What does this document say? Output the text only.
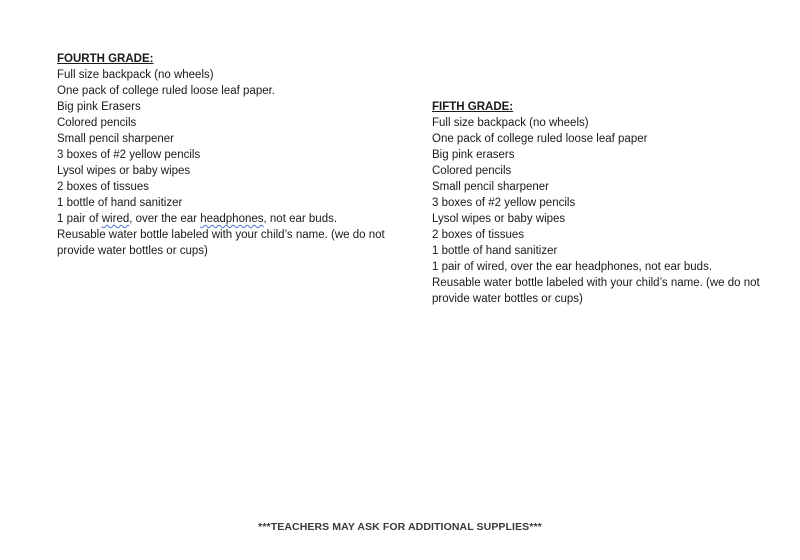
FOURTH GRADE:
Full size backpack (no wheels)
One pack of college ruled loose leaf paper.
Big pink Erasers
Colored pencils
Small pencil sharpener
3 boxes of #2 yellow pencils
Lysol wipes or baby wipes
2 boxes of tissues
1 bottle of hand sanitizer
1 pair of wired, over the ear headphones, not ear buds.
Reusable water bottle labeled with your child’s name. (we do not provide water bottles or cups)
FIFTH GRADE:
Full size backpack (no wheels)
One pack of college ruled loose leaf paper
Big pink erasers
Colored pencils
Small pencil sharpener
3 boxes of #2 yellow pencils
Lysol wipes or baby wipes
2 boxes of tissues
1 bottle of hand sanitizer
1 pair of wired, over the ear headphones, not ear buds.
Reusable water bottle labeled with your child’s name. (we do not provide water bottles or cups)
***TEACHERS MAY ASK FOR ADDITIONAL SUPPLIES***
